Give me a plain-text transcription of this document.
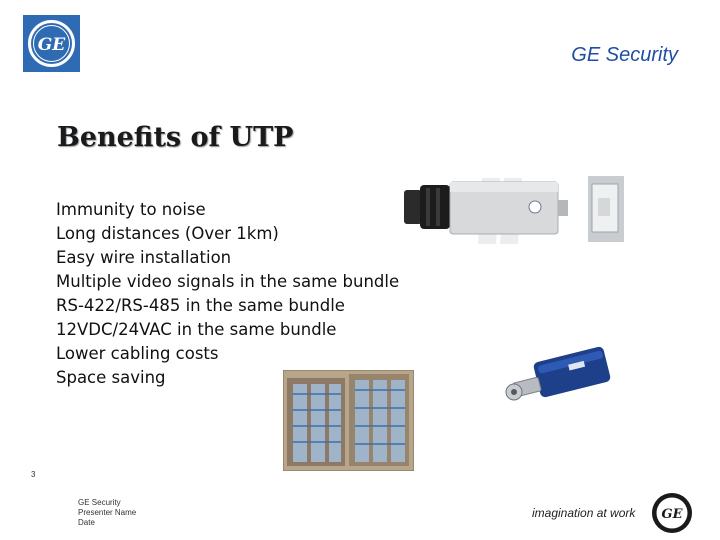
GE	GE Security
Benefits of UTP
Immunity to noise
Long distances (Over 1km)
Easy wire installation
Multiple video signals in the same bundle
RS-422/RS-485 in the same bundle
12VDC/24VAC in the same bundle
Lower cabling costs
Space saving
3
GE Security
Presenter Name
Date
imagination at work GE
